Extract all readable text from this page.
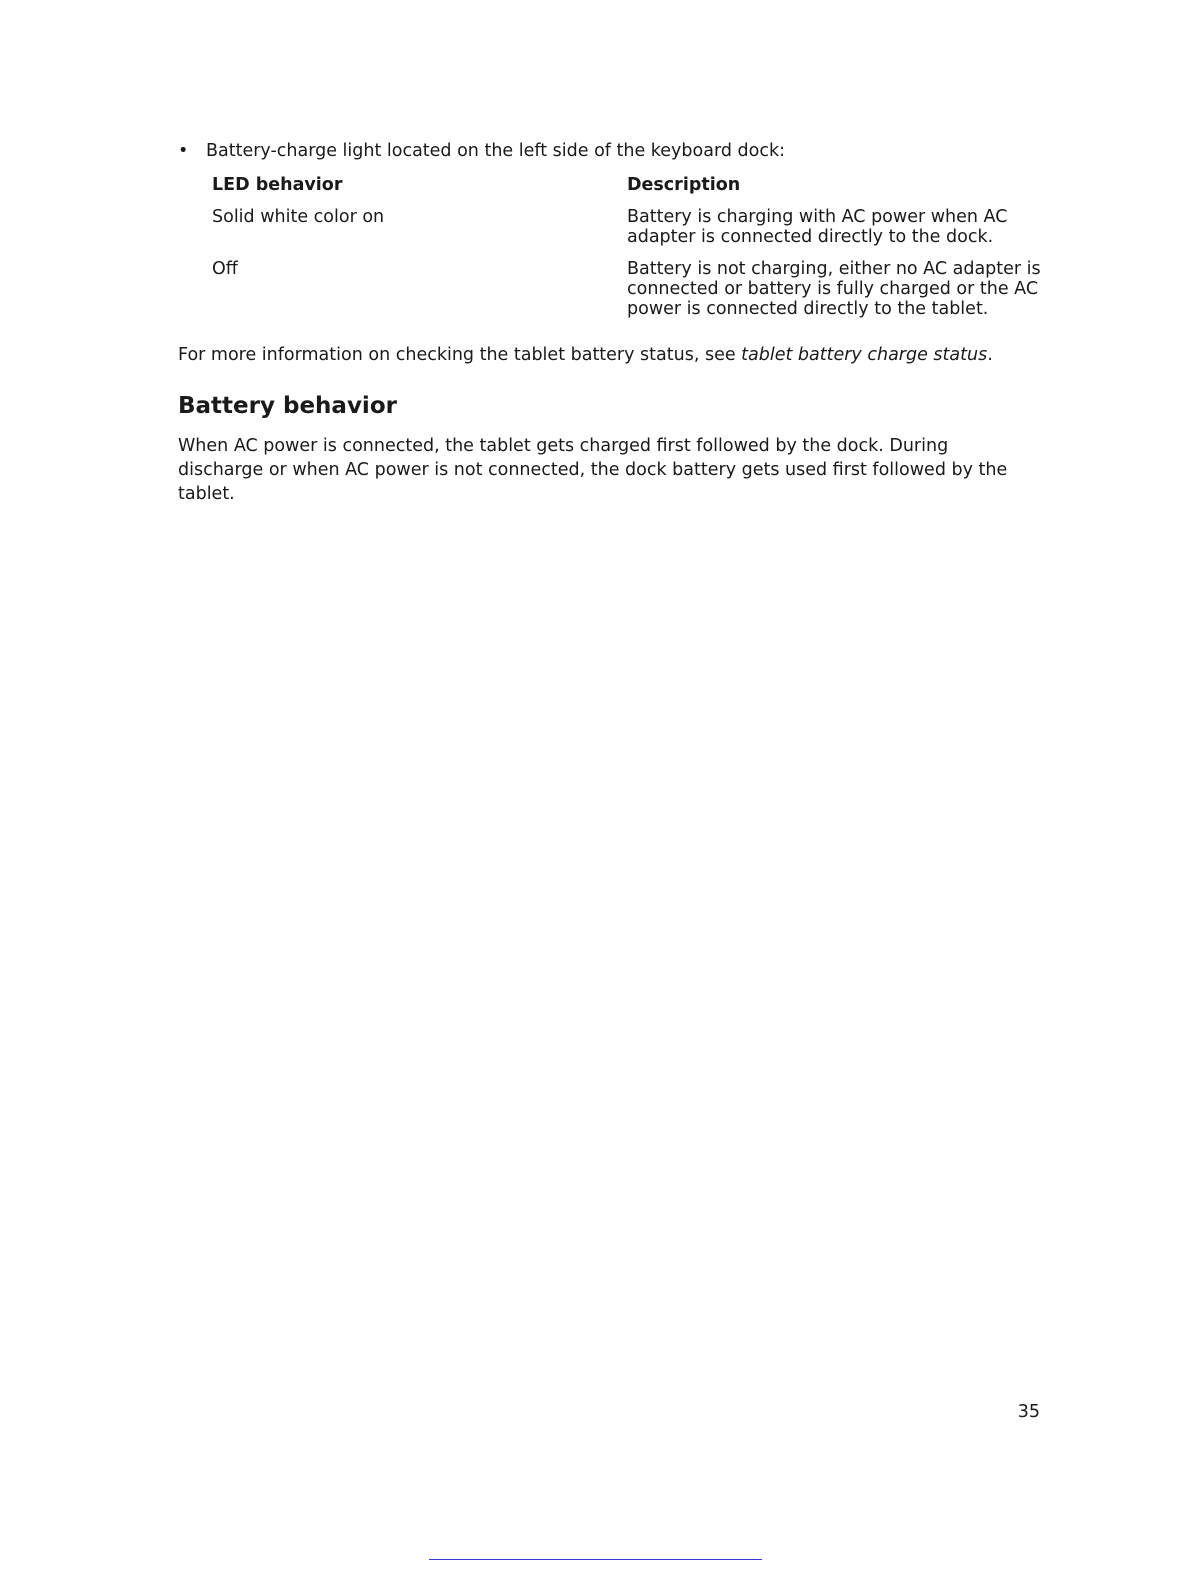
• Battery-charge light located on the left side of the keyboard dock:
LED behavior	Description
Solid white color on	Battery is charging with AC power when AC adapter is connected directly to the dock.
Off	Battery is not charging, either no AC adapter is connected or battery is fully charged or the AC power is connected directly to the tablet.

For more information on checking the tablet battery status, see tablet battery charge status.

Battery behavior

When AC power is connected, the tablet gets charged first followed by the dock. During discharge or when AC power is not connected, the dock battery gets used first followed by the tablet.

35
